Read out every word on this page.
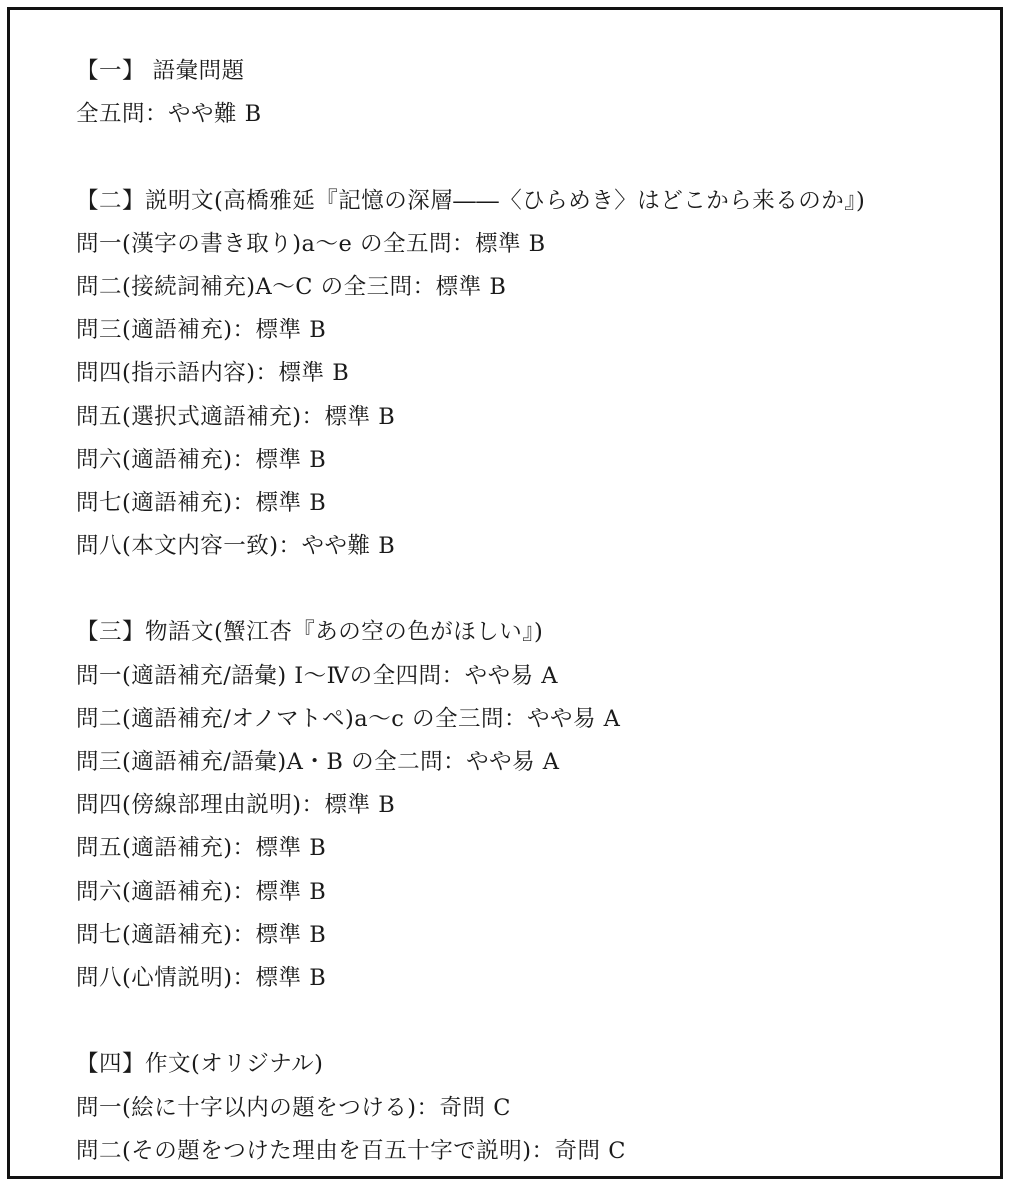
【一】 語彙問題
全五問：やや難 B
【二】説明文(高橋雅延『記憶の深層――〈ひらめき〉はどこから来るのか』)
問一(漢字の書き取り)a～e の全五問：標準 B
問二(接続詞補充)A～C の全三問：標準 B
問三(適語補充)：標準 B
問四(指示語内容)：標準 B
問五(選択式適語補充)：標準 B
問六(適語補充)：標準 B
問七(適語補充)：標準 B
問八(本文内容一致)：やや難 B
【三】物語文(蟹江杏『あの空の色がほしい』)
問一(適語補充/語彙) Ⅰ～Ⅳの全四問：やや易 A
問二(適語補充/オノマトペ)a～c の全三問：やや易 A
問三(適語補充/語彙)A・B の全二問：やや易 A
問四(傍線部理由説明)：標準 B
問五(適語補充)：標準 B
問六(適語補充)：標準 B
問七(適語補充)：標準 B
問八(心情説明)：標準 B
【四】作文(オリジナル)
問一(絵に十字以内の題をつける)：奇問 C
問二(その題をつけた理由を百五十字で説明)：奇問 C
